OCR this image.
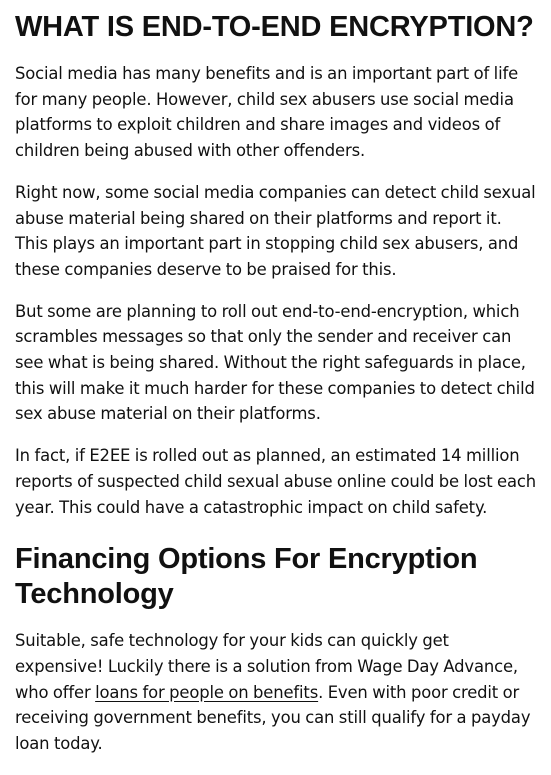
WHAT IS END-TO-END ENCRYPTION?

Social media has many benefits and is an important part of life for many people. However, child sex abusers use social media platforms to exploit children and share images and videos of children being abused with other offenders.

Right now, some social media companies can detect child sexual abuse material being shared on their platforms and report it. This plays an important part in stopping child sex abusers, and these companies deserve to be praised for this.

But some are planning to roll out end-to-end-encryption, which scrambles messages so that only the sender and receiver can see what is being shared. Without the right safeguards in place, this will make it much harder for these companies to detect child sex abuse material on their platforms.

In fact, if E2EE is rolled out as planned, an estimated 14 million reports of suspected child sexual abuse online could be lost each year. This could have a catastrophic impact on child safety.

Financing Options For Encryption Technology

Suitable, safe technology for your kids can quickly get expensive! Luckily there is a solution from Wage Day Advance, who offer loans for people on benefits. Even with poor credit or receiving government benefits, you can still qualify for a payday loan today.
